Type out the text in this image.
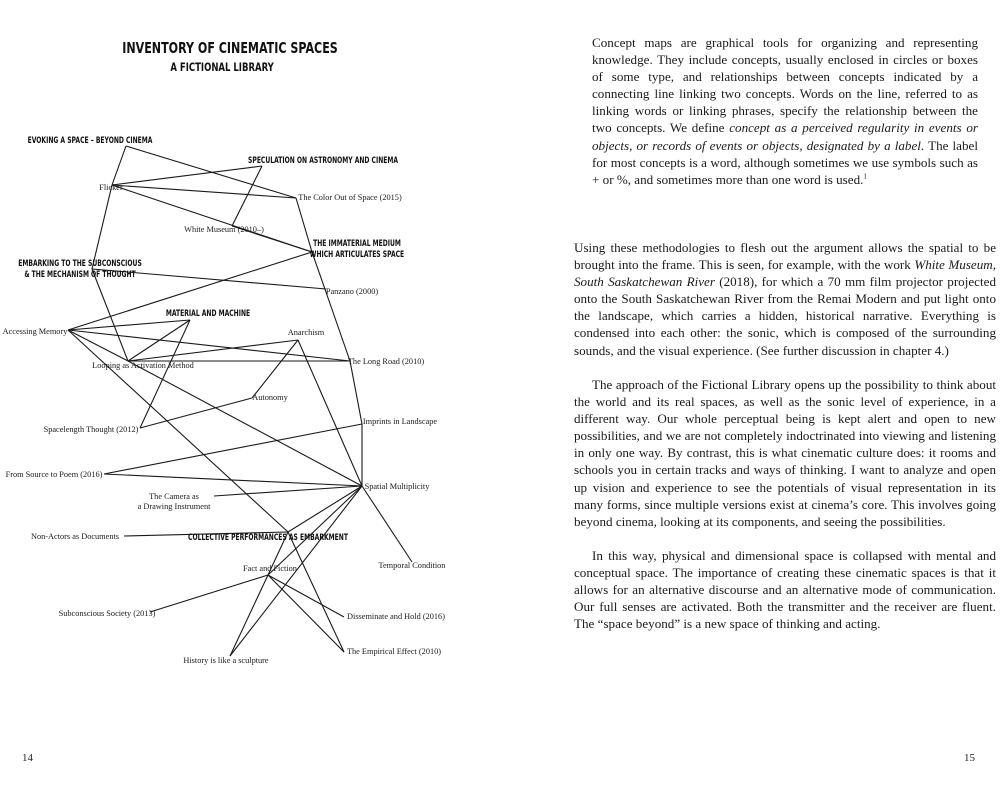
INVENTORY OF CINEMATIC SPACES
A FICTIONAL LIBRARY
EVOKING A SPACE – BEYOND CINEMA
SPECULATION ON ASTRONOMY AND CINEMA
THE IMMATERIAL MEDIUM
WHICH ARTICULATES SPACE
EMBARKING TO THE SUBCONSCIOUS
& THE MECHANISM OF THOUGHT
MATERIAL AND MACHINE
COLLECTIVE PERFORMANCES AS EMBARKMENT
Flicker
The Color Out of Space (2015)
White Museum (2010–)
Panzano (2000)
Accessing Memory	Anarchism
Looping as Activation Method	The Long Road (2010)
Autonomy
Spacelength Thought (2012)
Imprints in Landscape
From Source to Poem (2016)
Spatial Multiplicity
The Camera as
a Drawing Instrument
Non-Actors as Documents
Temporal Condition
Fact and Fiction
Subconscious Society (2013)	Disseminate and Hold (2016)
The Empirical Effect (2010)
History is like a sculpture

Concept maps are graphical tools for organizing and representing knowledge. They include concepts, usually enclosed in circles or boxes of some type, and relationships between concepts indicated by a connecting line linking two concepts. Words on the line, referred to as linking words or linking phrases, specify the relationship between the two concepts. We define concept as a perceived regularity in events or objects, or records of events or objects, designated by a label. The label for most concepts is a word, although sometimes we use symbols such as + or %, and sometimes more than one word is used.$^1$

Using these methodologies to flesh out the argument allows the spatial to be brought into the frame. This is seen, for example, with the work White Museum, South Saskatchewan River (2018), for which a 70 mm film projector projected onto the South Saskatchewan River from the Remai Modern and put light onto the landscape, which carries a hidden, historical narrative. Everything is condensed into each other: the sonic, which is composed of the surrounding sounds, and the visual experience. (See further discussion in chapter 4.)

The approach of the Fictional Library opens up the possibility to think about the world and its real spaces, as well as the sonic level of experience, in a different way. Our whole perceptual being is kept alert and open to new possibilities, and we are not completely indoctrinated into viewing and listening in only one way. By contrast, this is what cinematic culture does: it rooms and schools you in certain tracks and ways of thinking. I want to analyze and open up vision and experience to see the potentials of visual representation in its many forms, since multiple versions exist at cinema’s core. This involves going beyond cinema, looking at its components, and seeing the possibilities.

In this way, physical and dimensional space is collapsed with mental and conceptual space. The importance of creating these cinematic spaces is that it allows for an alternative discourse and an alternative mode of communication. Our full senses are activated. Both the transmitter and the receiver are fluent. The “space beyond” is a new space of thinking and acting.

14	15
